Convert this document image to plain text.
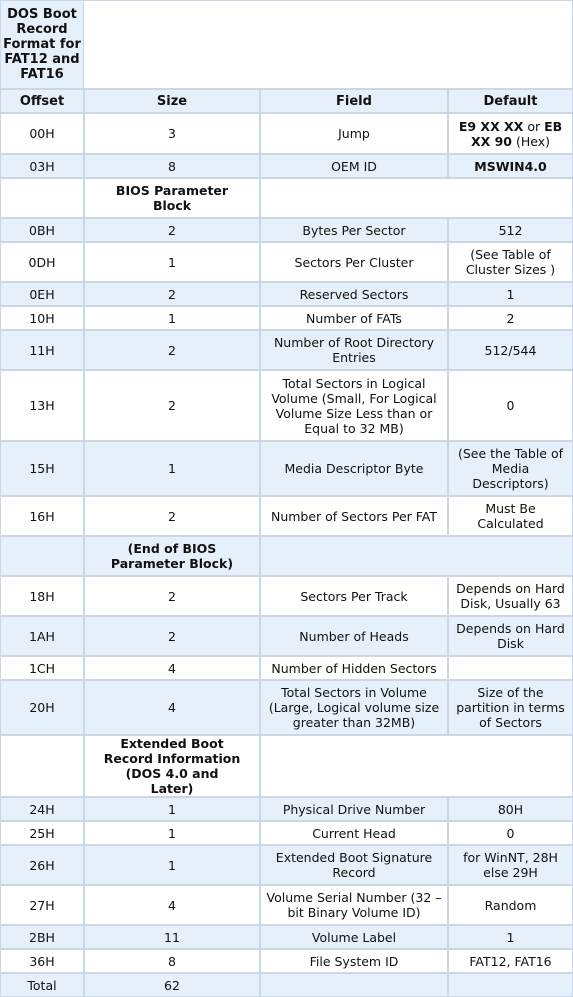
DOS Boot Record Format for FAT12 and FAT16			
Offset	Size	Field	Default
00H	3	Jump	E9 XX XX or EB XX 90 (Hex)
03H	8	OEM ID	MSWIN4.0
	BIOS Parameter Block		
0BH	2	Bytes Per Sector	512
0DH	1	Sectors Per Cluster	(See Table of Cluster Sizes )
0EH	2	Reserved Sectors	1
10H	1	Number of FATs	2
11H	2	Number of Root Directory Entries	512/544
13H	2	Total Sectors in Logical Volume (Small, For Logical Volume Size Less than or Equal to 32 MB)	0
15H	1	Media Descriptor Byte	(See the Table of Media Descriptors)
16H	2	Number of Sectors Per FAT	Must Be Calculated
	(End of BIOS Parameter Block)		
18H	2	Sectors Per Track	Depends on Hard Disk, Usually 63
1AH	2	Number of Heads	Depends on Hard Disk
1CH	4	Number of Hidden Sectors	
20H	4	Total Sectors in Volume (Large, Logical volume size greater than 32MB)	Size of the partition in terms of Sectors
	Extended Boot Record Information (DOS 4.0 and Later)		
24H	1	Physical Drive Number	80H
25H	1	Current Head	0
26H	1	Extended Boot Signature Record	for WinNT, 28H else 29H
27H	4	Volume Serial Number (32 – bit Binary Volume ID)	Random
2BH	11	Volume Label	1
36H	8	File System ID	FAT12, FAT16
Total	62		
